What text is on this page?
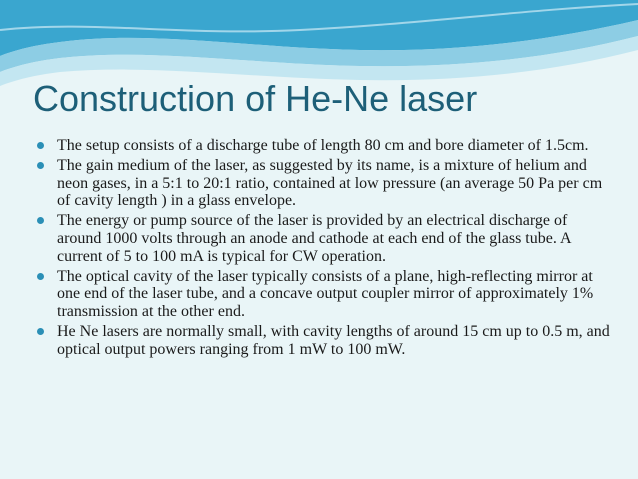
Construction of He-Ne laser
The setup consists of a discharge tube of length 80 cm and bore diameter of 1.5cm.
The gain medium of the laser, as suggested by its name, is a mixture of helium and neon gases, in a 5:1 to 20:1 ratio, contained at low pressure (an average 50 Pa per cm of cavity length ) in a glass envelope.
The energy or pump source of the laser is provided by an electrical discharge of around 1000 volts through an anode and cathode at each end of the glass tube. A current of 5 to 100 mA is typical for CW operation.
The optical cavity of the laser typically consists of a plane, high-reflecting mirror at one end of the laser tube, and a concave output coupler mirror of approximately 1% transmission at the other end.
He Ne lasers are normally small, with cavity lengths of around 15 cm up to 0.5 m, and optical output powers ranging from 1 mW to 100 mW.
